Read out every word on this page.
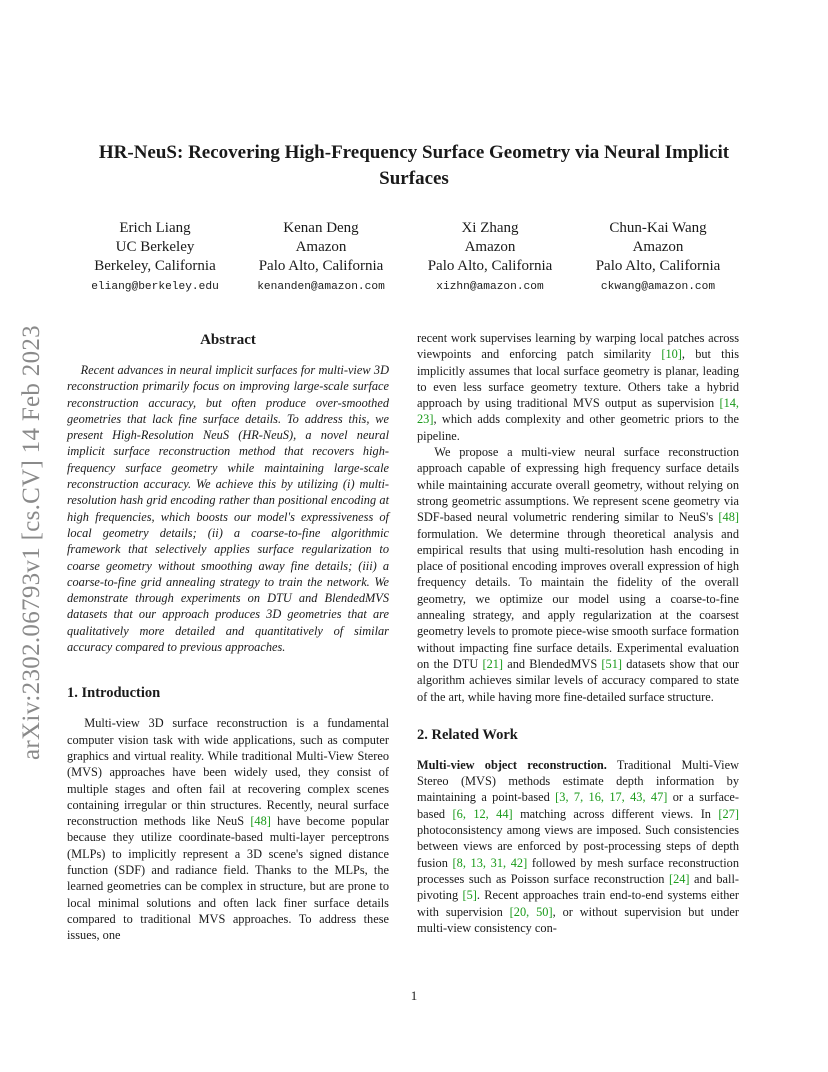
arXiv:2302.06793v1 [cs.CV] 14 Feb 2023
HR-NeuS: Recovering High-Frequency Surface Geometry via Neural Implicit Surfaces
Erich Liang
UC Berkeley
Berkeley, California
eliang@berkeley.edu
Kenan Deng
Amazon
Palo Alto, California
kenanden@amazon.com
Xi Zhang
Amazon
Palo Alto, California
xizhn@amazon.com
Chun-Kai Wang
Amazon
Palo Alto, California
ckwang@amazon.com
Abstract

Recent advances in neural implicit surfaces for multi-view 3D reconstruction primarily focus on improving large-scale surface reconstruction accuracy, but often produce over-smoothed geometries that lack fine surface details. To address this, we present High-Resolution NeuS (HR-NeuS), a novel neural implicit surface reconstruction method that recovers high-frequency surface geometry while maintaining large-scale reconstruction accuracy. We achieve this by utilizing (i) multi-resolution hash grid encoding rather than positional encoding at high frequencies, which boosts our model's expressiveness of local geometry details; (ii) a coarse-to-fine algorithmic framework that selectively applies surface regularization to coarse geometry without smoothing away fine details; (iii) a coarse-to-fine grid annealing strategy to train the network. We demonstrate through experiments on DTU and BlendedMVS datasets that our approach produces 3D geometries that are qualitatively more detailed and quantitatively of similar accuracy compared to previous approaches.

1. Introduction

Multi-view 3D surface reconstruction is a fundamental computer vision task with wide applications, such as computer graphics and virtual reality. While traditional Multi-View Stereo (MVS) approaches have been widely used, they consist of multiple stages and often fail at recovering complex scenes containing irregular or thin structures. Recently, neural surface reconstruction methods like NeuS [48] have become popular because they utilize coordinate-based multi-layer perceptrons (MLPs) to implicitly represent a 3D scene's signed distance function (SDF) and radiance field. Thanks to the MLPs, the learned geometries can be complex in structure, but are prone to local minimal solutions and often lack finer surface details compared to traditional MVS approaches. To address these issues, one

recent work supervises learning by warping local patches across viewpoints and enforcing patch similarity [10], but this implicitly assumes that local surface geometry is planar, leading to even less surface geometry texture. Others take a hybrid approach by using traditional MVS output as supervision [14, 23], which adds complexity and other geometric priors to the pipeline.

We propose a multi-view neural surface reconstruction approach capable of expressing high frequency surface details while maintaining accurate overall geometry, without relying on strong geometric assumptions. We represent scene geometry via SDF-based neural volumetric rendering similar to NeuS's [48] formulation. We determine through theoretical analysis and empirical results that using multi-resolution hash encoding in place of positional encoding improves overall expression of high frequency details. To maintain the fidelity of the overall geometry, we optimize our model using a coarse-to-fine annealing strategy, and apply regularization at the coarsest geometry levels to promote piece-wise smooth surface formation without impacting fine surface details. Experimental evaluation on the DTU [21] and BlendedMVS [51] datasets show that our algorithm achieves similar levels of accuracy compared to state of the art, while having more fine-detailed surface structure.

2. Related Work

Multi-view object reconstruction. Traditional Multi-View Stereo (MVS) methods estimate depth information by maintaining a point-based [3, 7, 16, 17, 43, 47] or a surface-based [6, 12, 44] matching across different views. In [27] photoconsistency among views are imposed. Such consistencies between views are enforced by post-processing steps of depth fusion [8, 13, 31, 42] followed by mesh surface reconstruction processes such as Poisson surface reconstruction [24] and ball-pivoting [5]. Recent approaches train end-to-end systems either with supervision [20, 50], or without supervision but under multi-view consistency con-

1
